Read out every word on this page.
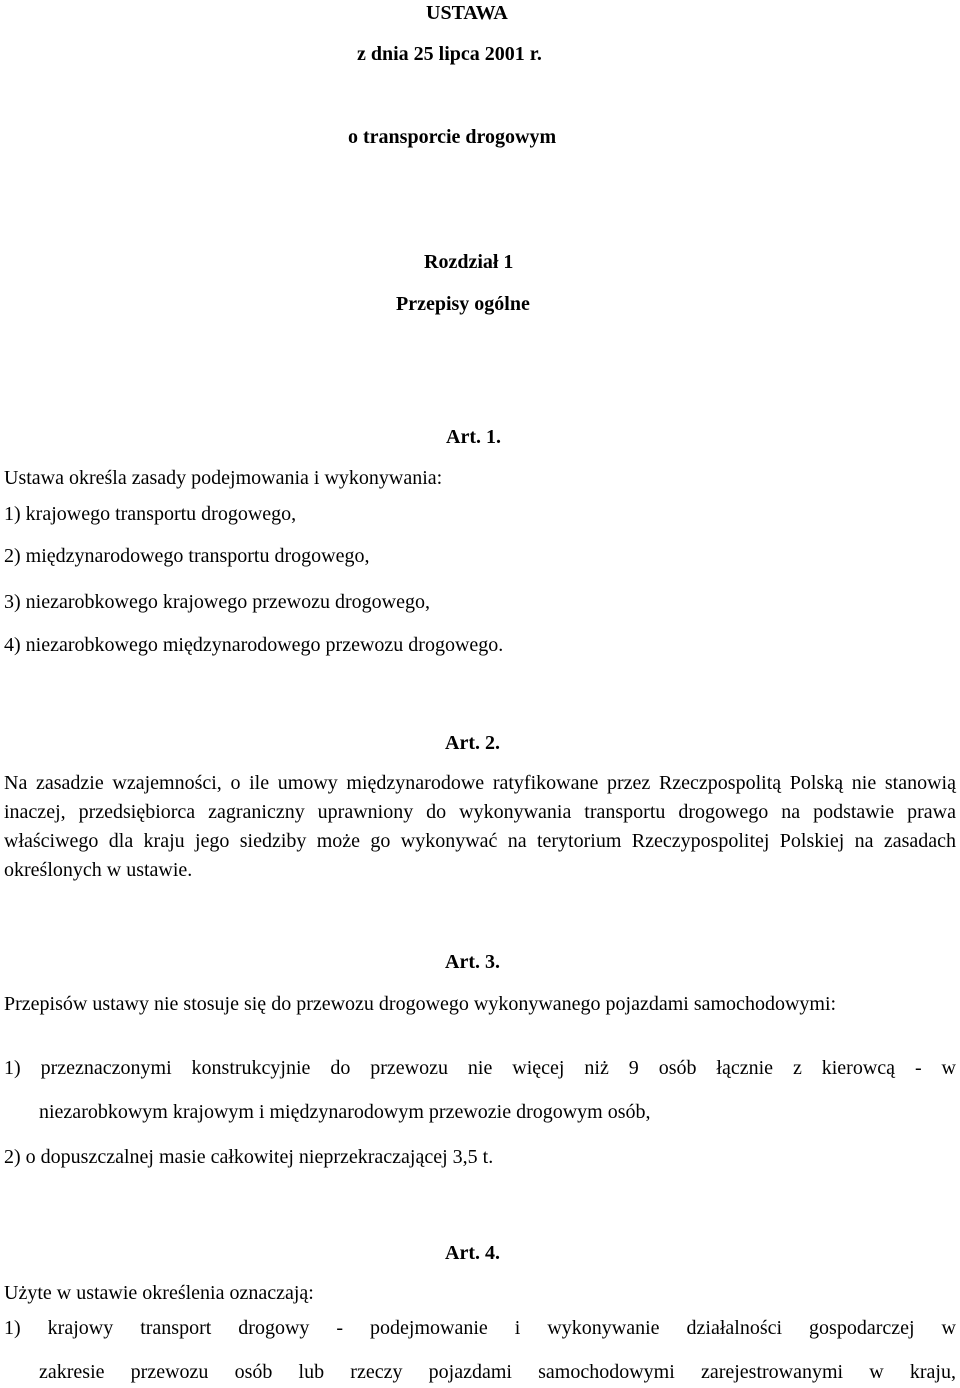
USTAWA
z dnia 25 lipca 2001 r.
o transporcie drogowym
Rozdział 1
Przepisy ogólne
Art. 1.
Ustawa określa zasady podejmowania i wykonywania:
1) krajowego transportu drogowego,
2) międzynarodowego transportu drogowego,
3) niezarobkowego krajowego przewozu drogowego,
4) niezarobkowego międzynarodowego przewozu drogowego.
Art. 2.
Na zasadzie wzajemności, o ile umowy międzynarodowe ratyfikowane przez Rzeczpospolitą Polską nie stanowią inaczej, przedsiębiorca zagraniczny uprawniony do wykonywania transportu drogowego na podstawie prawa właściwego dla kraju jego siedziby może go wykonywać na terytorium Rzeczypospolitej Polskiej na zasadach określonych w ustawie.
Art. 3.
Przepisów ustawy nie stosuje się do przewozu drogowego wykonywanego pojazdami samochodowymi:
1) przeznaczonymi konstrukcyjnie do przewozu nie więcej niż 9 osób łącznie z kierowcą - w
niezarobkowym krajowym i międzynarodowym przewozie drogowym osób,
2) o dopuszczalnej masie całkowitej nieprzekraczającej 3,5 t.
Art. 4.
Użyte w ustawie określenia oznaczają:
1) krajowy transport drogowy - podejmowanie i wykonywanie działalności gospodarczej w
zakresie przewozu osób lub rzeczy pojazdami samochodowymi zarejestrowanymi w kraju,
